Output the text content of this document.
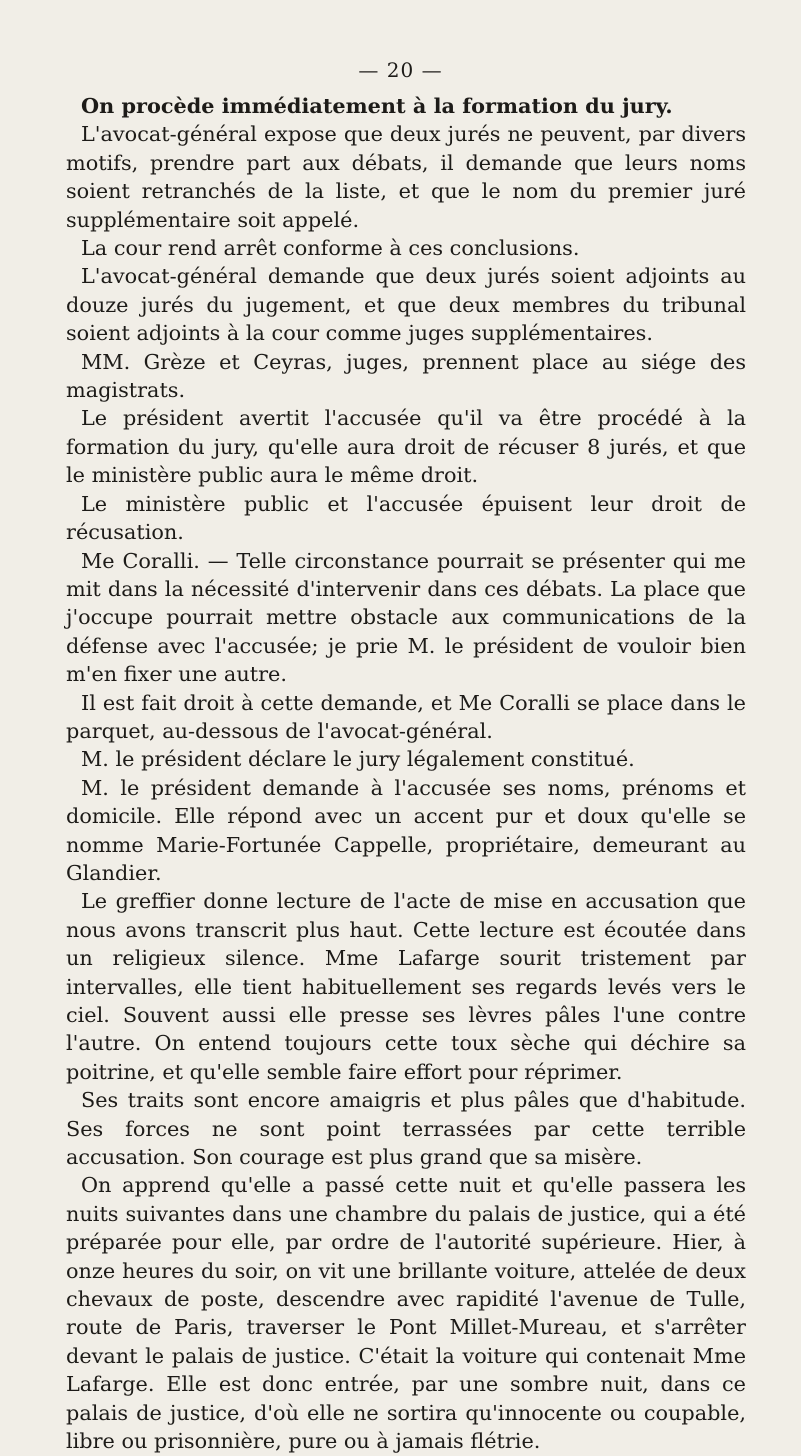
— 20 —

On procède immédiatement à la formation du jury.

L'avocat-général expose que deux jurés ne peuvent, par divers motifs, prendre part aux débats, il demande que leurs noms soient retranchés de la liste, et que le nom du premier juré supplémentaire soit appelé.

La cour rend arrêt conforme à ces conclusions.

L'avocat-général demande que deux jurés soient adjoints au douze jurés du jugement, et que deux membres du tribunal soient adjoints à la cour comme juges supplémentaires.

MM. Grèze et Ceyras, juges, prennent place au siége des magistrats.

Le président avertit l'accusée qu'il va être procédé à la formation du jury, qu'elle aura droit de récuser 8 jurés, et que le ministère public aura le même droit.

Le ministère public et l'accusée épuisent leur droit de récusation.

Me Coralli. — Telle circonstance pourrait se présenter qui me mit dans la nécessité d'intervenir dans ces débats. La place que j'occupe pourrait mettre obstacle aux communications de la défense avec l'accusée; je prie M. le président de vouloir bien m'en fixer une autre.

Il est fait droit à cette demande, et Me Coralli se place dans le parquet, au-dessous de l'avocat-général.

M. le président déclare le jury légalement constitué.

M. le président demande à l'accusée ses noms, prénoms et domicile. Elle répond avec un accent pur et doux qu'elle se nomme Marie-Fortunée Cappelle, propriétaire, demeurant au Glandier.

Le greffier donne lecture de l'acte de mise en accusation que nous avons transcrit plus haut. Cette lecture est écoutée dans un religieux silence. Mme Lafarge sourit tristement par intervalles, elle tient habituellement ses regards levés vers le ciel. Souvent aussi elle presse ses lèvres pâles l'une contre l'autre. On entend toujours cette toux sèche qui déchire sa poitrine, et qu'elle semble faire effort pour réprimer.

Ses traits sont encore amaigris et plus pâles que d'habitude. Ses forces ne sont point terrassées par cette terrible accusation. Son courage est plus grand que sa misère.

On apprend qu'elle a passé cette nuit et qu'elle passera les nuits suivantes dans une chambre du palais de justice, qui a été préparée pour elle, par ordre de l'autorité supérieure. Hier, à onze heures du soir, on vit une brillante voiture, attelée de deux chevaux de poste, descendre avec rapidité l'avenue de Tulle, route de Paris, traverser le Pont Millet-Mureau, et s'arrêter devant le palais de justice. C'était la voiture qui contenait Mme Lafarge. Elle est donc entrée, par une sombre nuit, dans ce palais de justice, d'où elle ne sortira qu'innocente ou coupable, libre ou prisonnière, pure ou à jamais flétrie.
